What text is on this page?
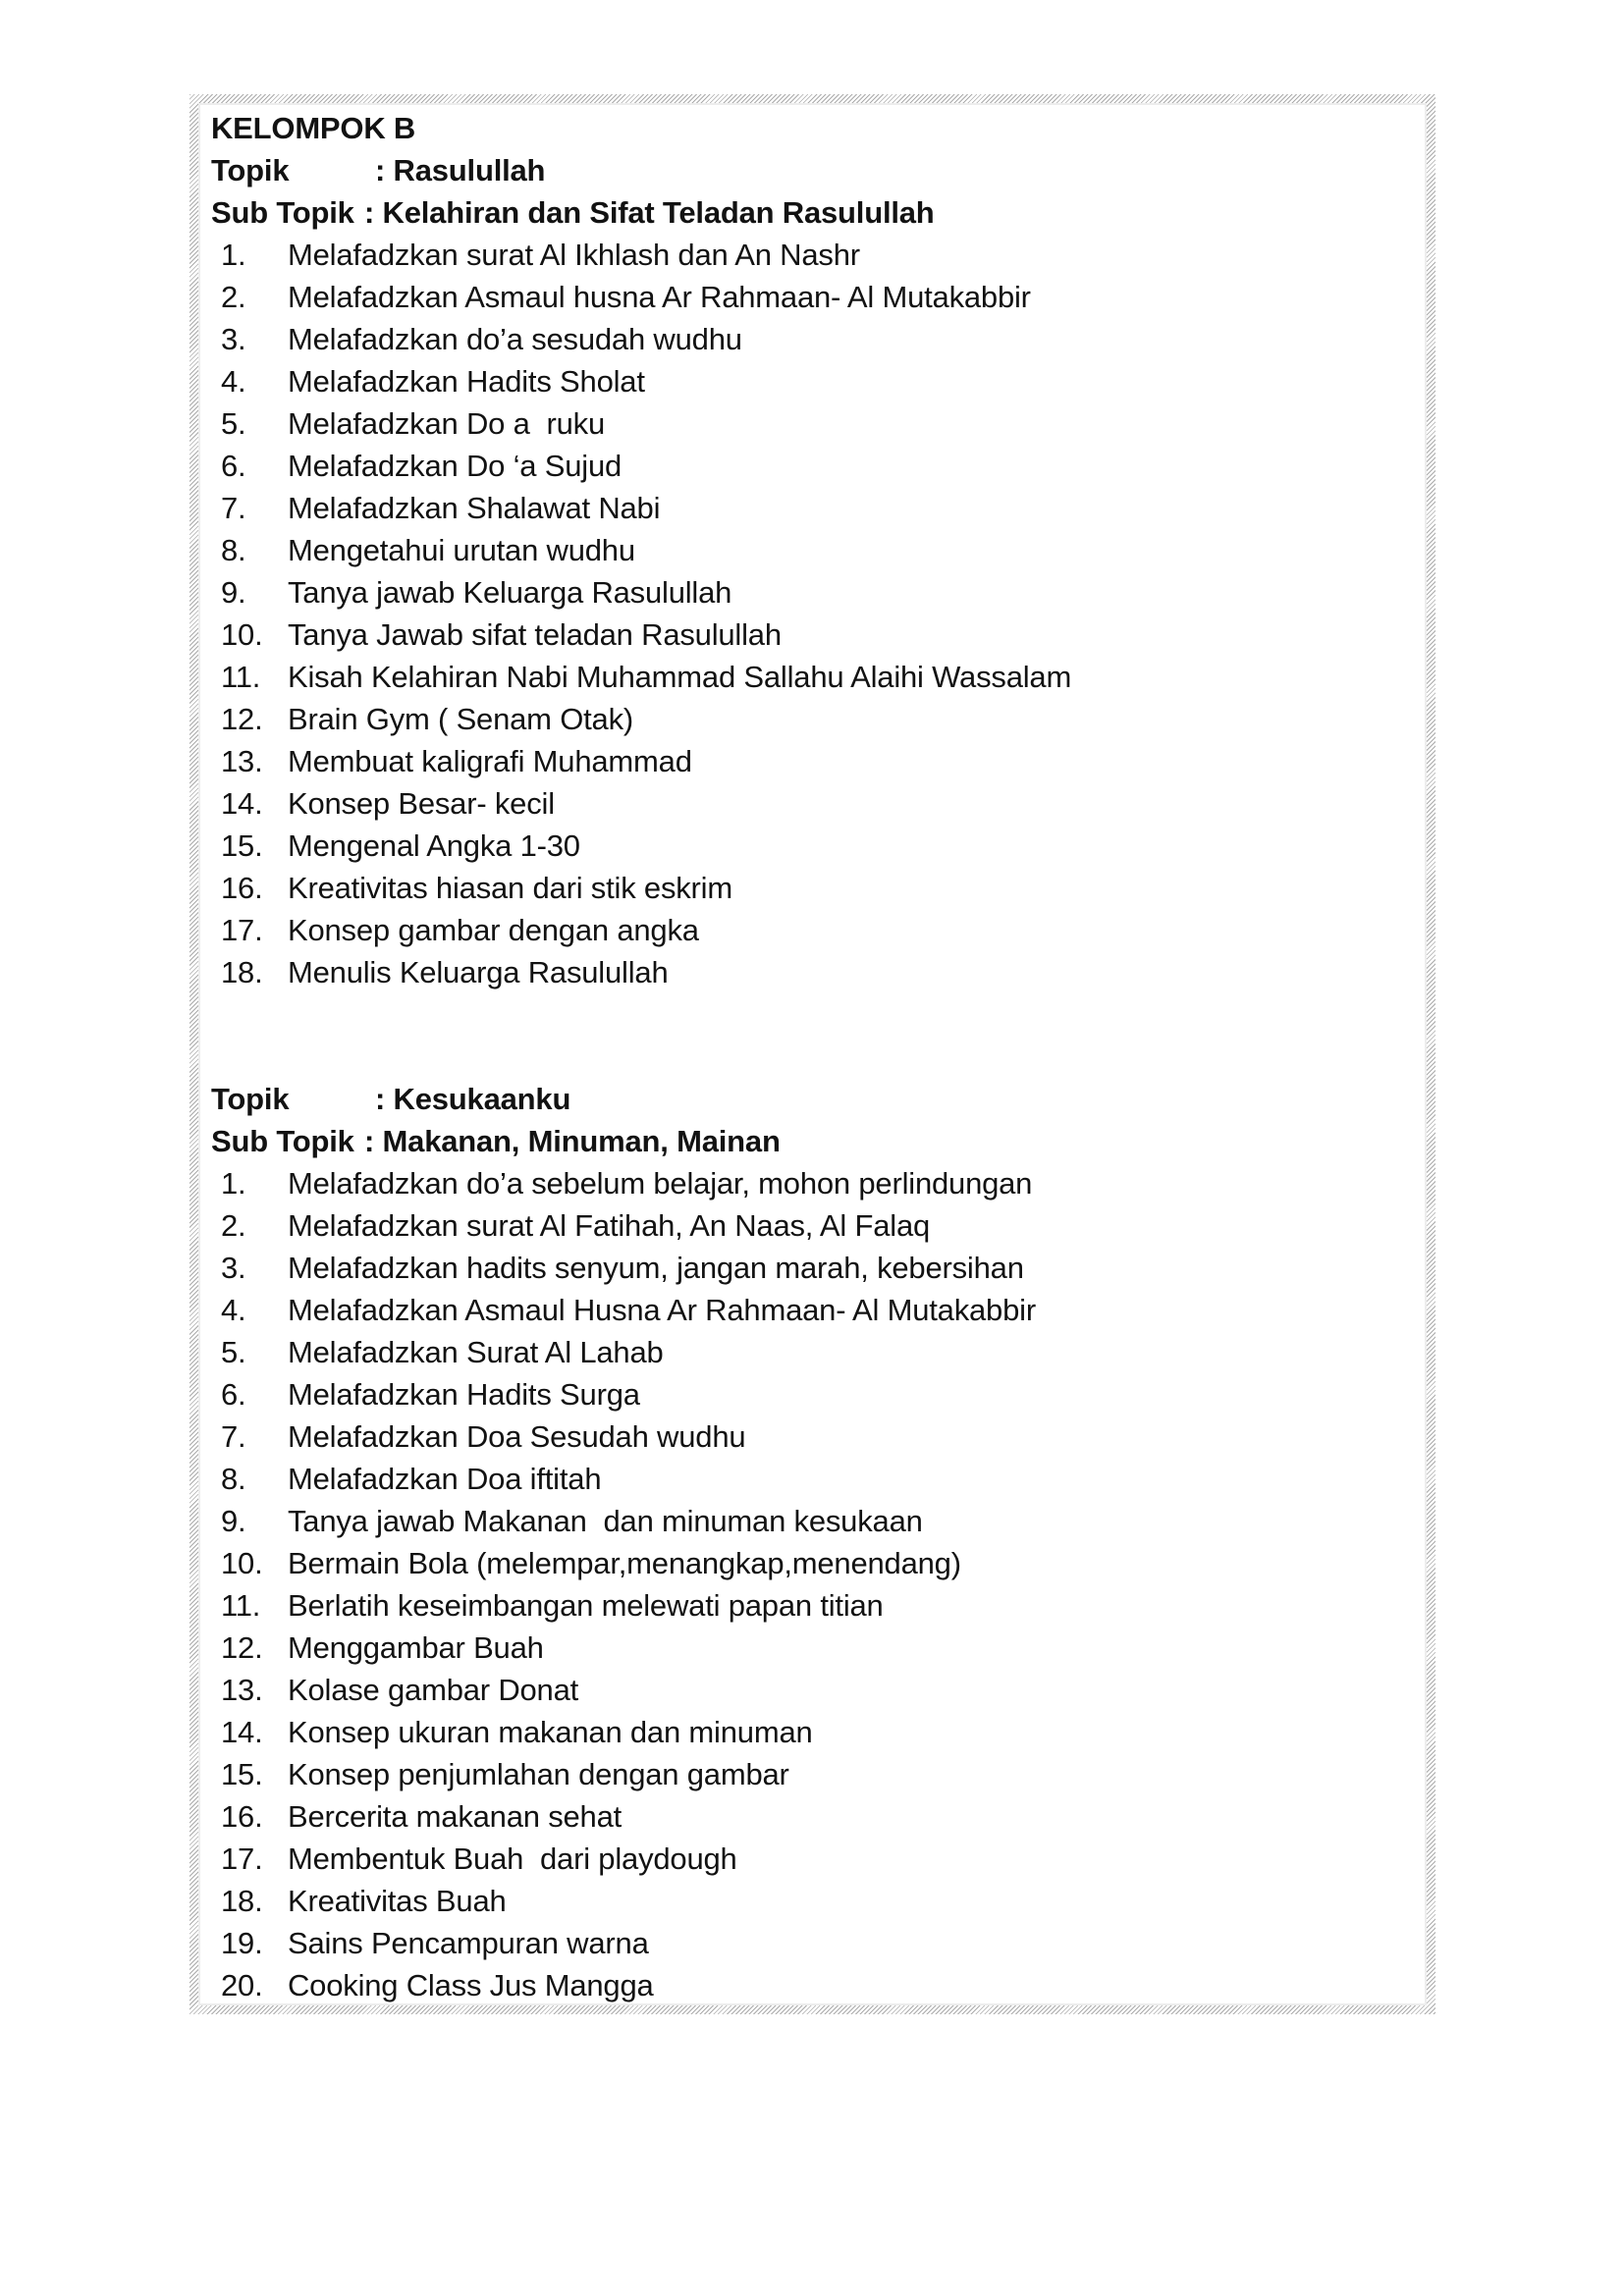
KELOMPOK B
Topik	: Rasulullah
Sub Topik : Kelahiran dan Sifat Teladan Rasulullah
1.	Melafadzkan surat Al Ikhlash dan An Nashr
2.	Melafadzkan Asmaul husna Ar Rahmaan- Al Mutakabbir
3.	Melafadzkan do’a sesudah wudhu
4.	Melafadzkan Hadits Sholat
5.	Melafadzkan Do a  ruku
6.	Melafadzkan Do ‘a Sujud
7.	Melafadzkan Shalawat Nabi
8.	Mengetahui urutan wudhu
9.	Tanya jawab Keluarga Rasulullah
10. Tanya Jawab sifat teladan Rasulullah
11. Kisah Kelahiran Nabi Muhammad Sallahu Alaihi Wassalam
12. Brain Gym ( Senam Otak)
13. Membuat kaligrafi Muhammad
14. Konsep Besar- kecil
15. Mengenal Angka 1-30
16. Kreativitas hiasan dari stik eskrim
17. Konsep gambar dengan angka
18. Menulis Keluarga Rasulullah
Topik	: Kesukaanku
Sub Topik : Makanan, Minuman, Mainan
1.	Melafadzkan do’a sebelum belajar, mohon perlindungan
2.	Melafadzkan surat Al Fatihah, An Naas, Al Falaq
3.	Melafadzkan hadits senyum, jangan marah, kebersihan
4.	Melafadzkan Asmaul Husna Ar Rahmaan- Al Mutakabbir
5.	Melafadzkan Surat Al Lahab
6.	Melafadzkan Hadits Surga
7.	Melafadzkan Doa Sesudah wudhu
8.	Melafadzkan Doa iftitah
9.	Tanya jawab Makanan  dan minuman kesukaan
10. Bermain Bola (melempar,menangkap,menendang)
11. Berlatih keseimbangan melewati papan titian
12. Menggambar Buah
13. Kolase gambar Donat
14. Konsep ukuran makanan dan minuman
15. Konsep penjumlahan dengan gambar
16. Bercerita makanan sehat
17. Membentuk Buah  dari playdough
18. Kreativitas Buah
19. Sains Pencampuran warna
20. Cooking Class Jus Mangga
